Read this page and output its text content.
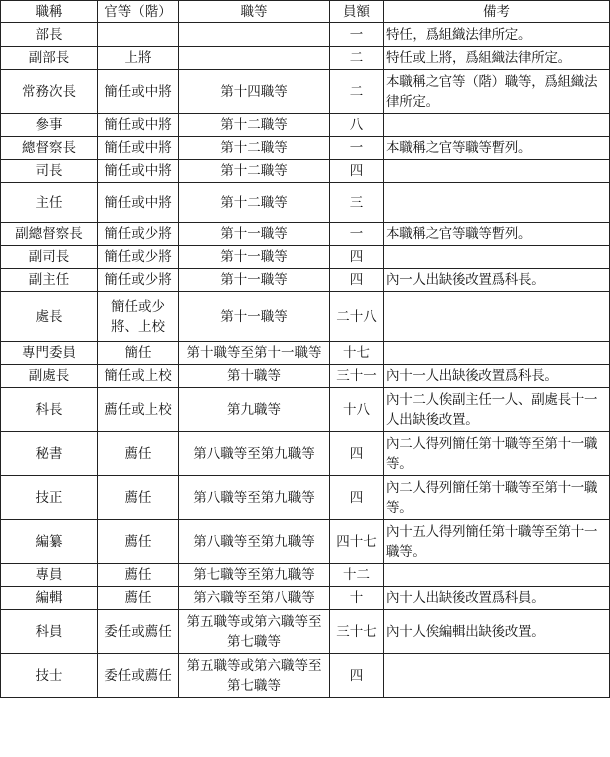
職稱	官等（階）	職等	員額	備考
部長			一	特任，爲組織法律所定。
副部長	上將		二	特任或上將，爲組織法律所定。
常務次長	簡任或中將	第十四職等	二	本職稱之官等（階）職等，爲組織法律所定。
參事	簡任或中將	第十二職等	八	
總督察長	簡任或中將	第十二職等	一	本職稱之官等職等暫列。
司長	簡任或中將	第十二職等	四	
主任	簡任或中將	第十二職等	三	
副總督察長	簡任或少將	第十一職等	一	本職稱之官等職等暫列。
副司長	簡任或少將	第十一職等	四	
副主任	簡任或少將	第十一職等	四	內一人出缺後改置爲科長。
處長	簡任或少將、上校	第十一職等	二十八	
專門委員	簡任	第十職等至第十一職等	十七	
副處長	簡任或上校	第十職等	三十一	內十一人出缺後改置爲科長。
科長	薦任或上校	第九職等	十八	內十二人俟副主任一人、副處長十一人出缺後改置。
秘書	薦任	第八職等至第九職等	四	內二人得列簡任第十職等至第十一職等。
技正	薦任	第八職等至第九職等	四	內二人得列簡任第十職等至第十一職等。
編纂	薦任	第八職等至第九職等	四十七	內十五人得列簡任第十職等至第十一職等。
專員	薦任	第七職等至第九職等	十二	
編輯	薦任	第六職等至第八職等	十	內十人出缺後改置爲科員。
科員	委任或薦任	第五職等或第六職等至第七職等	三十七	內十人俟編輯出缺後改置。
技士	委任或薦任	第五職等或第六職等至第七職等	四	
